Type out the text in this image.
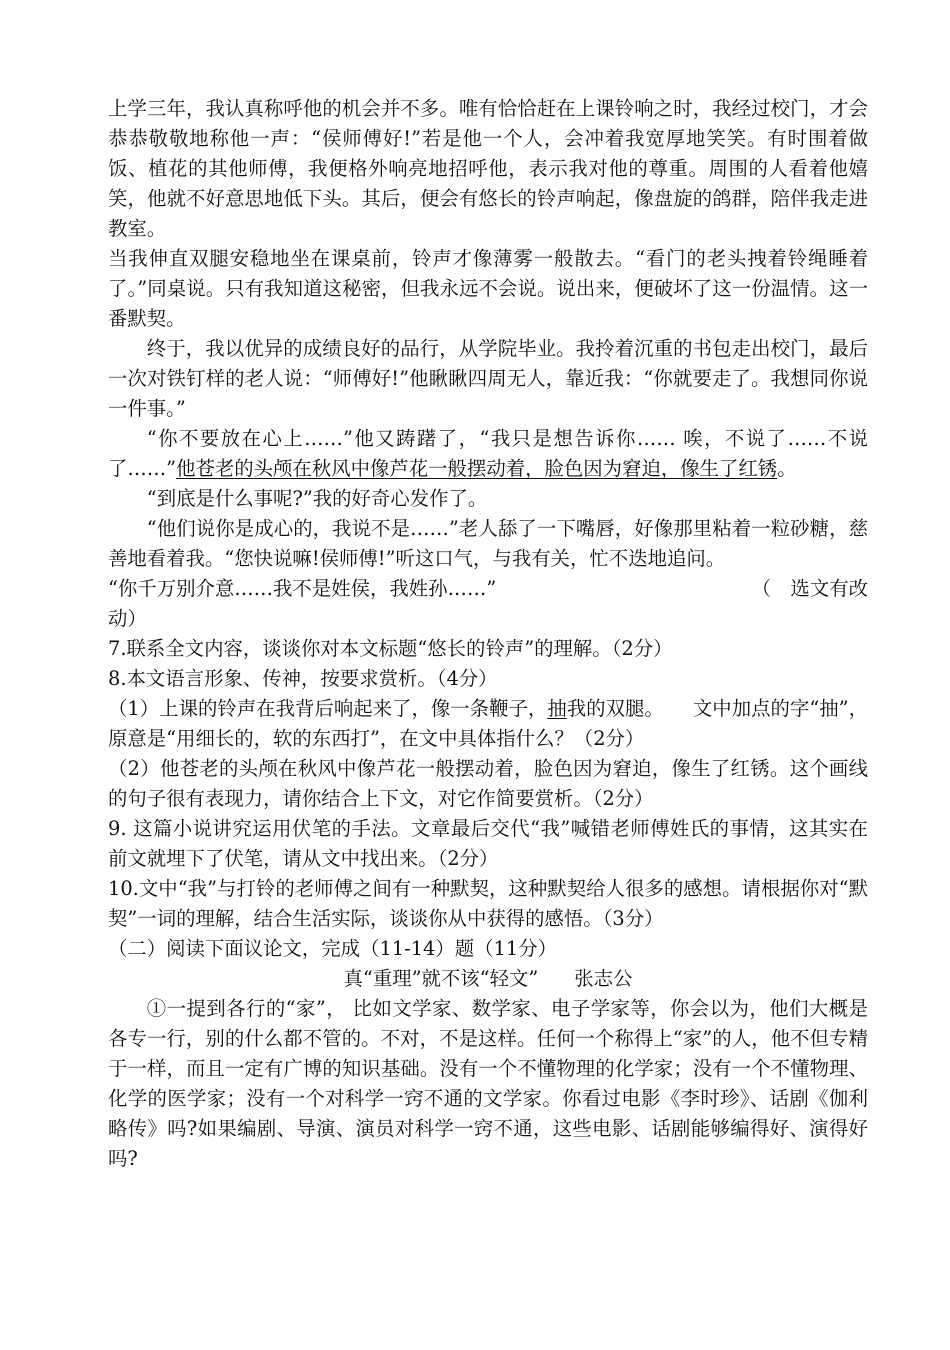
上学三年，我认真称呼他的机会并不多。唯有恰恰赶在上课铃响之时，我经过校门，才会恭恭敬敬地称他一声：“侯师傅好!”若是他一个人，会冲着我宽厚地笑笑。有时围着做饭、植花的其他师傅，我便格外响亮地招呼他，表示我对他的尊重。周围的人看着他嬉笑，他就不好意思地低下头。其后，便会有悠长的铃声响起，像盘旋的鸽群，陪伴我走进教室。

当我伸直双腿安稳地坐在课桌前，铃声才像薄雾一般散去。“看门的老头拽着铃绳睡着了。”同桌说。只有我知道这秘密，但我永远不会说。说出来，便破坏了这一份温情。这一番默契。

终于，我以优异的成绩良好的品行，从学院毕业。我拎着沉重的书包走出校门，最后一次对铁钉样的老人说：“师傅好!”他瞅瞅四周无人，靠近我：“你就要走了。我想同你说一件事。”

“你不要放在心上……”他又踌躇了，“我只是想告诉你…… 唉，不说了……不说了……”他苍老的头颅在秋风中像芦花一般摆动着，脸色因为窘迫，像生了红锈。

“到底是什么事呢?”我的好奇心发作了。

“他们说你是成心的，我说不是……”老人舔了一下嘴唇，好像那里粘着一粒砂糖，慈善地看着我。“您快说嘛!侯师傅!”听这口气，与我有关，忙不迭地追问。

“你千万别介意……我不是姓侯，我姓孙……”	（　选文有改

动）

7.联系全文内容，谈谈你对本文标题“悠长的铃声”的理解。（2分）

8.本文语言形象、传神，按要求赏析。（4分）

（1）上课的铃声在我背后响起来了，像一条鞭子，抽我的双腿。　　文中加点的字“抽”，原意是“用细长的，软的东西打”，在文中具体指什么？（2分）

（2）他苍老的头颅在秋风中像芦花一般摆动着，脸色因为窘迫，像生了红锈。这个画线的句子很有表现力，请你结合上下文，对它作简要赏析。（2分）

9. 这篇小说讲究运用伏笔的手法。文章最后交代“我”喊错老师傅姓氏的事情，这其实在前文就埋下了伏笔，请从文中找出来。（2分）

10.文中“我”与打铃的老师傅之间有一种默契，这种默契给人很多的感想。请根据你对“默契”一词的理解，结合生活实际，谈谈你从中获得的感悟。（3分）

（二）阅读下面议论文，完成（11-14）题（11分）

真“重理”就不该“轻文” 张志公

①一提到各行的“家”， 比如文学家、数学家、电子学家等，你会以为，他们大概是各专一行，别的什么都不管的。不对，不是这样。任何一个称得上“家”的人，他不但专精于一样，而且一定有广博的知识基础。没有一个不懂物理的化学家；没有一个不懂物理、化学的医学家；没有一个对科学一窍不通的文学家。你看过电影《李时珍》、话剧《伽利略传》吗?如果编剧、导演、演员对科学一窍不通，这些电影、话剧能够编得好、演得好吗?
